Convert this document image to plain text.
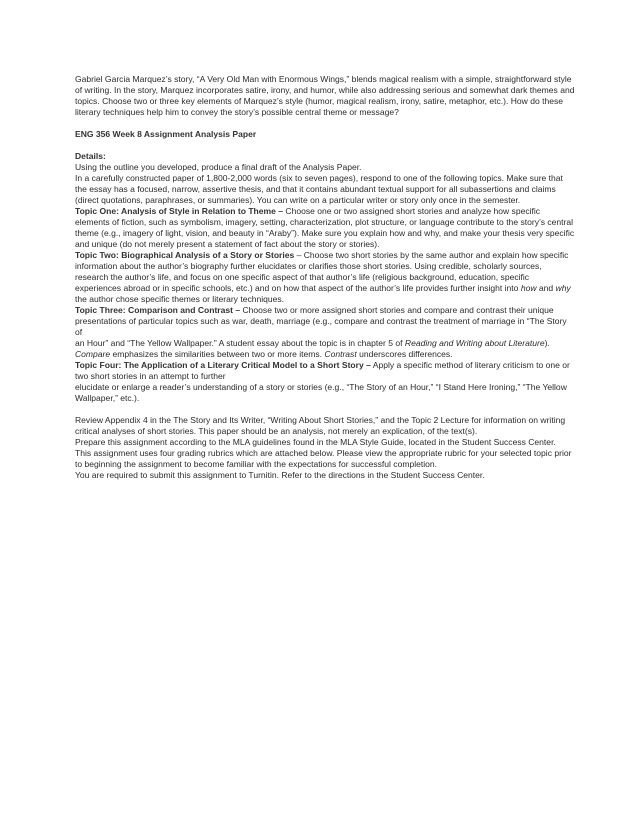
Gabriel Garcia Marquez’s story, “A Very Old Man with Enormous Wings,” blends magical realism with a simple, straightforward style of writing. In the story, Marquez incorporates satire, irony, and humor, while also addressing serious and somewhat dark themes and topics. Choose two or three key elements of Marquez’s style (humor, magical realism, irony, satire, metaphor, etc.). How do these literary techniques help him to convey the story’s possible central theme or message?

ENG 356 Week 8 Assignment Analysis Paper

Details:
Using the outline you developed, produce a final draft of the Analysis Paper.
In a carefully constructed paper of 1,800-2,000 words (six to seven pages), respond to one of the following topics. Make sure that the essay has a focused, narrow, assertive thesis, and that it contains abundant textual support for all subassertions and claims (direct quotations, paraphrases, or summaries). You can write on a particular writer or story only once in the semester.
Topic One: Analysis of Style in Relation to Theme – Choose one or two assigned short stories and analyze how specific elements of fiction, such as symbolism, imagery, setting, characterization, plot structure, or language contribute to the story’s central theme (e.g., imagery of light, vision, and beauty in “Araby”). Make sure you explain how and why, and make your thesis very specific and unique (do not merely present a statement of fact about the story or stories).
Topic Two: Biographical Analysis of a Story or Stories – Choose two short stories by the same author and explain how specific information about the author’s biography further elucidates or clarifies those short stories. Using credible, scholarly sources, research the author’s life, and focus on one specific aspect of that author’s life (religious background, education, specific experiences abroad or in specific schools, etc.) and on how that aspect of the author’s life provides further insight into how and why the author chose specific themes or literary techniques.
Topic Three: Comparison and Contrast – Choose two or more assigned short stories and compare and contrast their unique presentations of particular topics such as war, death, marriage (e.g., compare and contrast the treatment of marriage in “The Story of
an Hour” and “The Yellow Wallpaper.” A student essay about the topic is in chapter 5 of Reading and Writing about Literature). Compare emphasizes the similarities between two or more items. Contrast underscores differences.
Topic Four: The Application of a Literary Critical Model to a Short Story – Apply a specific method of literary criticism to one or two short stories in an attempt to further
elucidate or enlarge a reader’s understanding of a story or stories (e.g., “The Story of an Hour,” “I Stand Here Ironing,” “The Yellow Wallpaper,” etc.).
Review Appendix 4 in the The Story and Its Writer, “Writing About Short Stories,” and the Topic 2 Lecture for information on writing critical analyses of short stories. This paper should be an analysis, not merely an explication, of the text(s).
Prepare this assignment according to the MLA guidelines found in the MLA Style Guide, located in the Student Success Center.
This assignment uses four grading rubrics which are attached below. Please view the appropriate rubric for your selected topic prior to beginning the assignment to become familiar with the expectations for successful completion.
You are required to submit this assignment to Turnitin. Refer to the directions in the Student Success Center.
